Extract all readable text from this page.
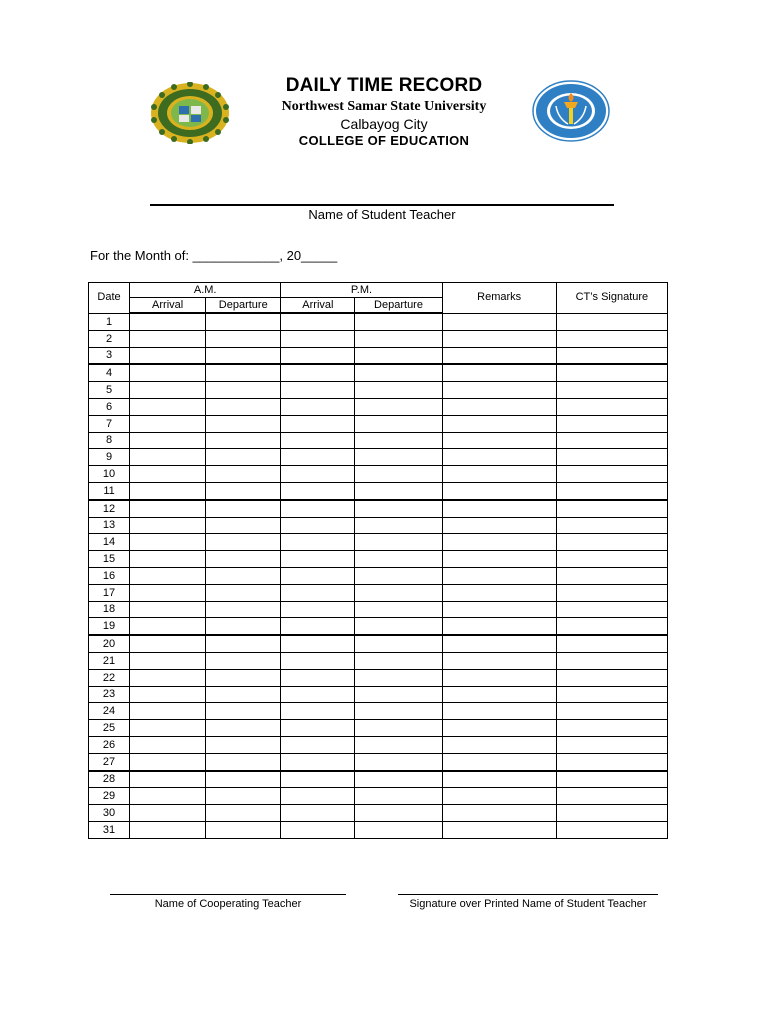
DAILY TIME RECORD
Northwest Samar State University
Calbayog City
COLLEGE OF EDUCATION
Name of Student Teacher
For the Month of: ____________, 20_____
Date	A.M.		P.M.		Remarks	CT’s Signature
	Arrival	Departure	Arrival	Departure		
1						
2						
3						
4						
5						
6						
7						
8						
9						
10						
11						
12						
13						
14						
15						
16						
17						
18						
19						
20						
21						
22						
23						
24						
25						
26						
27						
28						
29						
30						
31						
Name of Cooperating Teacher	Signature over Printed Name of Student Teacher
